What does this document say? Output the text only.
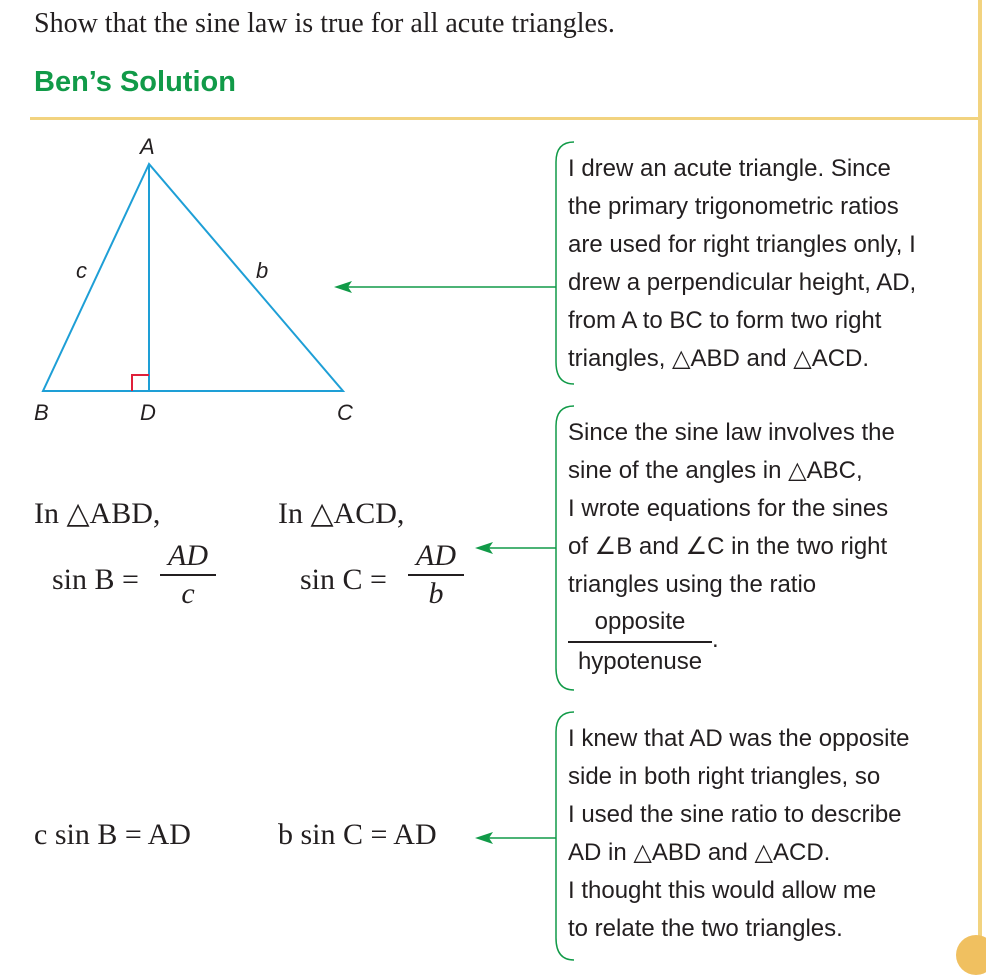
Show that the sine law is true for all acute triangles.
Ben’s Solution
A
B	C
D
c	b
I drew an acute triangle. Since
the primary trigonometric ratios
are used for right triangles only, I
drew a perpendicular height, AD,
from A to BC to form two right
triangles, △ABD and △ACD.
Since the sine law involves the
sine of the angles in △ABC,
I wrote equations for the sines
of ∠B and ∠C in the two right
triangles using the ratio
opposite
hypotenuse
.
I knew that AD was the opposite
side in both right triangles, so
I used the sine ratio to describe
AD in △ABD and △ACD.
I thought this would allow me
to relate the two triangles.
In △ABD,	In △ACD,
sin B =
AD
c	sin C =
AD
b
c sin B = AD	b sin C = AD
